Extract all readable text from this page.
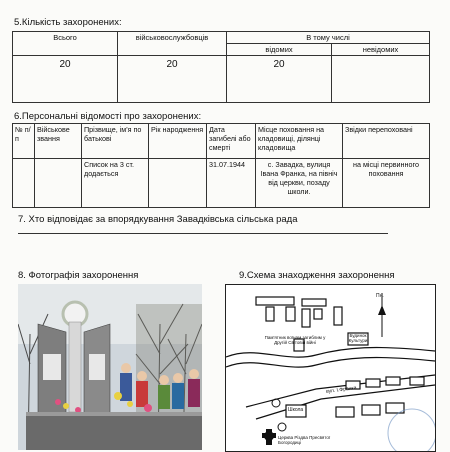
5.Кількість захоронених:
Всього	військовослужбовців	В тому числі	
		відомих	невідомих
20	20	20	
6.Персональні відомості про захоронених:
№ п/п	Військове звання	Прізвище, ім'я по батькові	Рік народження	Дата загибелі або смерті	Місце поховання на кладовищі, ділянці кладовища	Звідки перепоховані
		Список на 3 ст. додається		31.07.1944	с. Завадка, вулиця Івана Франка, на північ від церкви, позаду школи.	на місці первинного поховання
7. Хто відповідає за впорядкування Завадківська сільська рада
8. Фотографія захоронення	9.Схема знаходження захоронення
Пн.
Пам'ятник воїнам загиблим у Другій Світовій війні
Будинок Культури
вул. І.Франка
Школа
Церква Різдва Пресвятої Богородиці
